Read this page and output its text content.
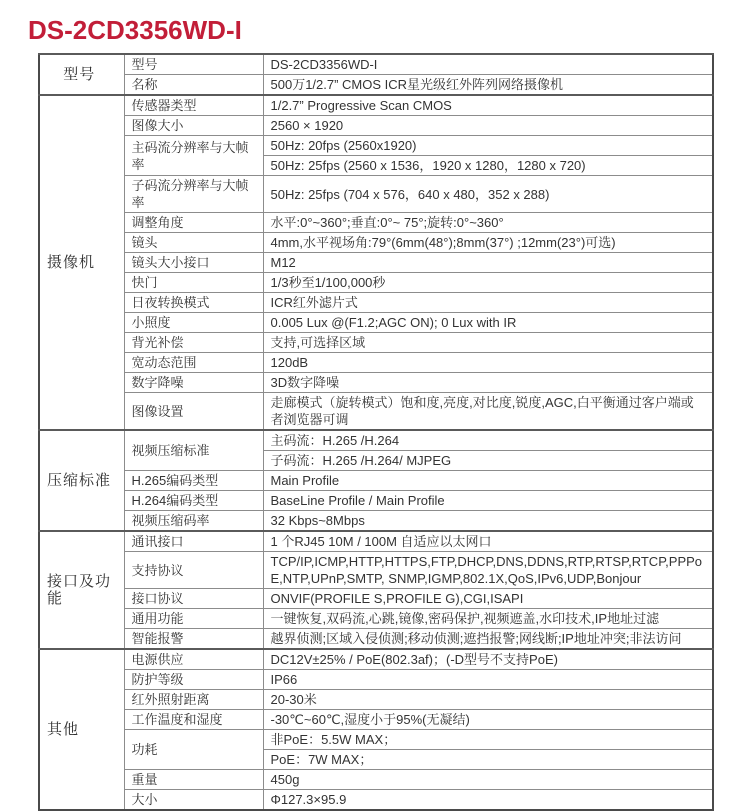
DS-2CD3356WD-I
型号	型号	DS-2CD3356WD-I
	名称	500万1/2.7” CMOS ICR星光级红外阵列网络摄像机
摄像机	传感器类型	1/2.7” Progressive Scan CMOS
	图像大小	2560 × 1920
	主码流分辨率与大帧率	50Hz: 20fps (2560x1920)
		50Hz: 25fps (2560 x 1536，1920 x 1280，1280 x 720)
	子码流分辨率与大帧率	50Hz: 25fps (704 x 576，640 x 480，352 x 288)
	调整角度	水平:0°~360°;垂直:0°~ 75°;旋转:0°~360°
	镜头	4mm,水平视场角:79°(6mm(48°);8mm(37°) ;12mm(23°)可选)
	镜头大小接口	M12
	快门	1/3秒至1/100,000秒
	日夜转换模式	ICR红外滤片式
	小照度	0.005 Lux @(F1.2;AGC ON); 0 Lux with IR
	背光补偿	支持,可选择区域
	宽动态范围	120dB
	数字降噪	3D数字降噪
	图像设置	走廊模式（旋转模式）饱和度,亮度,对比度,锐度,AGC,白平衡通过客户端或者浏览器可调
压缩标准	视频压缩标准	主码流：H.265 /H.264
		子码流：H.265 /H.264/ MJPEG
	H.265编码类型	Main Profile
	H.264编码类型	BaseLine Profile / Main Profile
	视频压缩码率	32 Kbps~8Mbps
接口及功能	通讯接口	1 个RJ45 10M / 100M 自适应以太网口
	支持协议	TCP/IP,ICMP,HTTP,HTTPS,FTP,DHCP,DNS,DDNS,RTP,RTSP,RTCP,PPPoE,NTP,UPnP,SMTP, SNMP,IGMP,802.1X,QoS,IPv6,UDP,Bonjour
	接口协议	ONVIF(PROFILE S,PROFILE G),CGI,ISAPI
	通用功能	一键恢复,双码流,心跳,镜像,密码保护,视频遮盖,水印技术,IP地址过滤
	智能报警	越界侦测;区域入侵侦测;移动侦测;遮挡报警;网线断;IP地址冲突;非法访问
其他	电源供应	DC12V±25% / PoE(802.3af)；(-D型号不支持PoE)
	防护等级	IP66
	红外照射距离	20-30米
	工作温度和湿度	-30℃~60℃,湿度小于95%(无凝结)
	功耗	非PoE：5.5W MAX；
		PoE：7W MAX；
	重量	450g
	大小	Φ127.3×95.9
